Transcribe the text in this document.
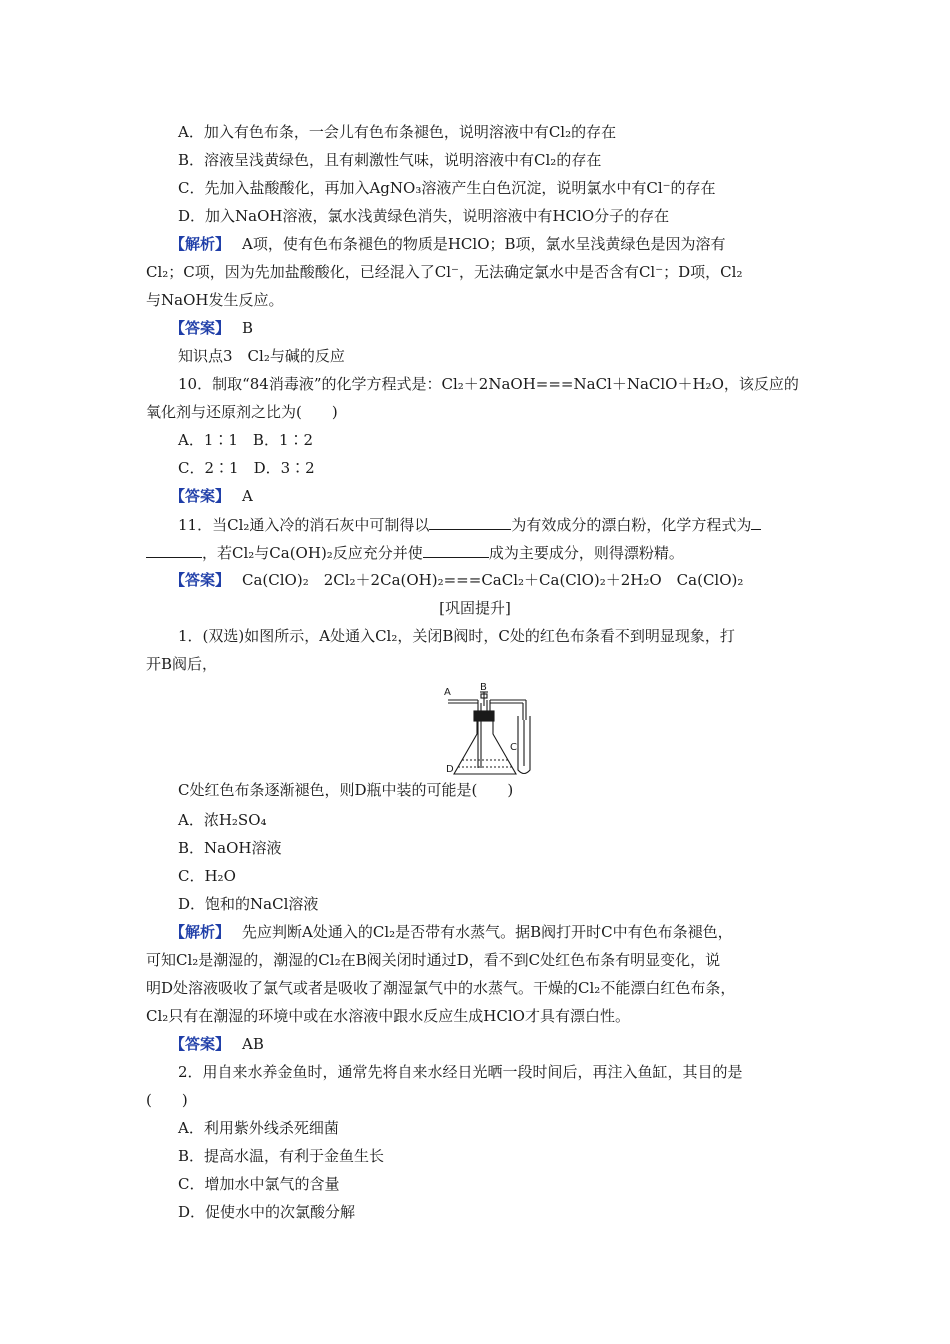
A．加入有色布条，一会儿有色布条褪色，说明溶液中有Cl₂的存在
B．溶液呈浅黄绿色，且有刺激性气味，说明溶液中有Cl₂的存在
C．先加入盐酸酸化，再加入AgNO₃溶液产生白色沉淀，说明氯水中有Cl⁻的存在
D．加入NaOH溶液，氯水浅黄绿色消失，说明溶液中有HClO分子的存在
【解析】 A项，使有色布条褪色的物质是HClO；B项，氯水呈浅黄绿色是因为溶有
Cl₂；C项，因为先加盐酸酸化，已经混入了Cl⁻，无法确定氯水中是否含有Cl⁻；D项，Cl₂
与NaOH发生反应。
【答案】 B
知识点3　Cl₂与碱的反应
10．制取“84消毒液”的化学方程式是：Cl₂＋2NaOH===NaCl＋NaClO＋H₂O，该反应的
氧化剂与还原剂之比为(　　)
A．1∶1　B．1∶2
C．2∶1　D．3∶2
【答案】 A
11．当Cl₂通入冷的消石灰中可制得以	为有效成分的漂白粉，化学方程式为
，若Cl₂与Ca(OH)₂反应充分并使	成为主要成分，则得漂粉精。
【答案】 Ca(ClO)₂　2Cl₂＋2Ca(OH)₂===CaCl₂＋Ca(ClO)₂＋2H₂O　Ca(ClO)₂
[巩固提升]
1．(双选)如图所示，A处通入Cl₂，关闭B阀时，C处的红色布条看不到明显现象，打
开B阀后，
A	B
C
D
C处红色布条逐渐褪色，则D瓶中装的可能是(　　)
A．浓H₂SO₄
B．NaOH溶液
C．H₂O
D．饱和的NaCl溶液
【解析】 先应判断A处通入的Cl₂是否带有水蒸气。据B阀打开时C中有色布条褪色，
可知Cl₂是潮湿的，潮湿的Cl₂在B阀关闭时通过D，看不到C处红色布条有明显变化，说
明D处溶液吸收了氯气或者是吸收了潮湿氯气中的水蒸气。干燥的Cl₂不能漂白红色布条，
Cl₂只有在潮湿的环境中或在水溶液中跟水反应生成HClO才具有漂白性。
【答案】 AB
2．用自来水养金鱼时，通常先将自来水经日光晒一段时间后，再注入鱼缸，其目的是
(　　)
A．利用紫外线杀死细菌
B．提高水温，有利于金鱼生长
C．增加水中氯气的含量
D．促使水中的次氯酸分解
